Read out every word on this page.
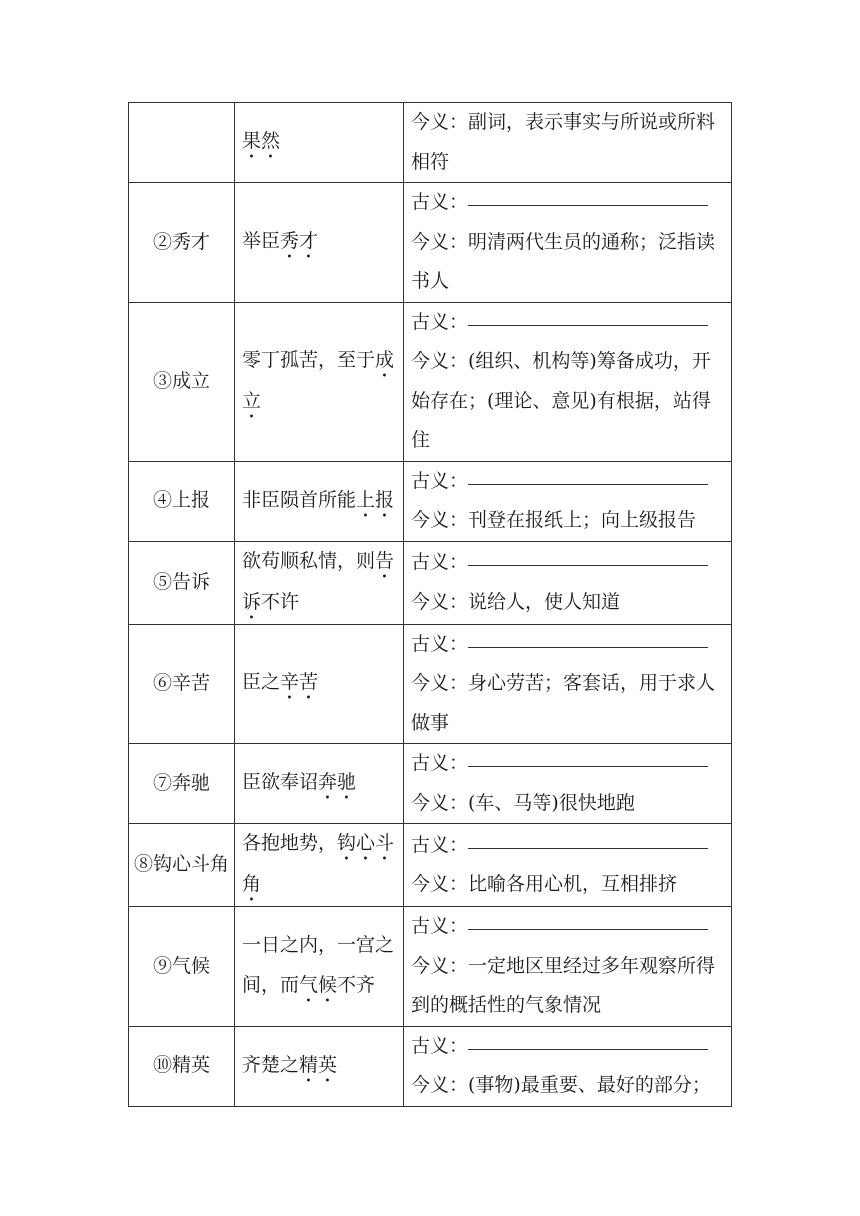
	果然	今义：副词，表示事实与所说或所料相符

②秀才	举臣秀才	古义：
今义：明清两代生员的通称；泛指读书人

③成立	零丁孤苦，至于成立	古义：
今义：(组织、机构等)筹备成功，开始存在；(理论、意见)有根据，站得住

④上报	非臣陨首所能上报	古义：
今义：刊登在报纸上；向上级报告

⑤告诉	欲苟顺私情，则告诉不许	古义：
今义：说给人，使人知道

⑥辛苦	臣之辛苦	古义：
今义：身心劳苦；客套话，用于求人做事

⑦奔驰	臣欲奉诏奔驰	古义：
今义：(车、马等)很快地跑

⑧钩心斗角	各抱地势，钩心斗角	古义：
今义：比喻各用心机，互相排挤

⑨气候	一日之内，一宫之间，而气候不齐	古义：
今义：一定地区里经过多年观察所得到的概括性的气象情况

⑩精英	齐楚之精英	古义：
今义：(事物)最重要、最好的部分；
